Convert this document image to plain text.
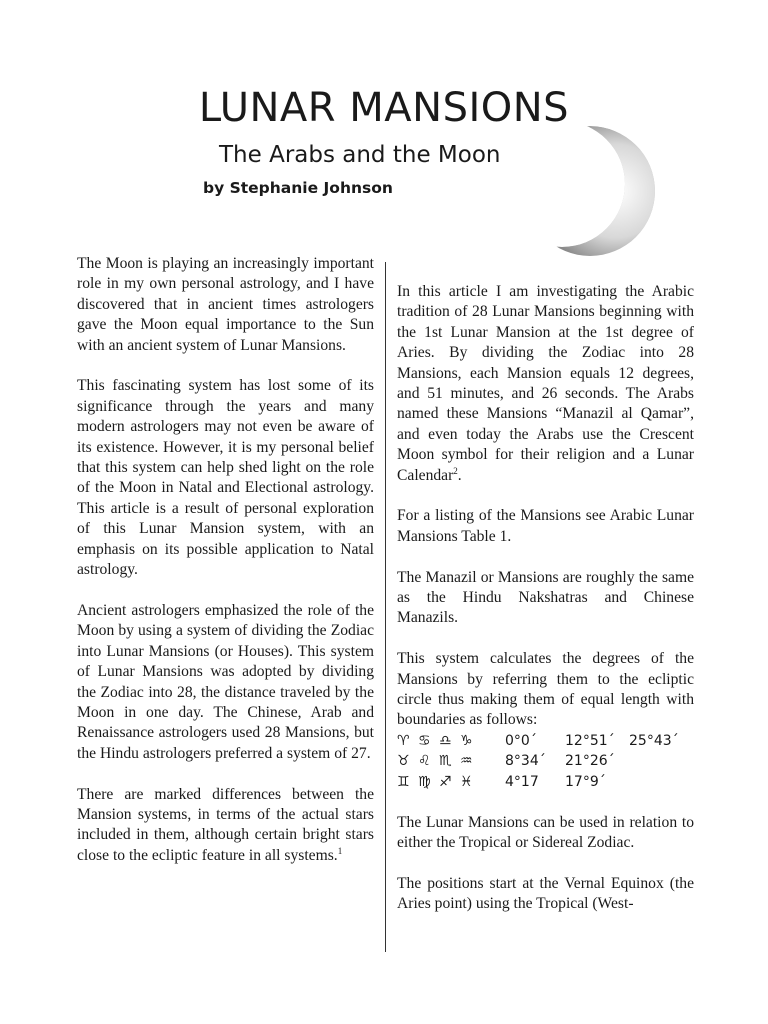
LUNAR MANSIONS
The Arabs and the Moon
by Stephanie Johnson

The Moon is playing an increasingly important role in my own personal astrology, and I have discovered that in ancient times astrologers gave the Moon equal importance to the Sun with an ancient system of Lunar Mansions.

This fascinating system has lost some of its significance through the years and many modern astrologers may not even be aware of its existence. However, it is my personal belief that this system can help shed light on the role of the Moon in Natal and Electional astrology. This article is a result of personal exploration of this Lunar Mansion system, with an emphasis on its possible application to Natal astrology.

Ancient astrologers emphasized the role of the Moon by using a system of dividing the Zodiac into Lunar Mansions (or Houses). This system of Lunar Mansions was adopted by dividing the Zodiac into 28, the distance traveled by the Moon in one day. The Chinese, Arab and Renaissance astrologers used 28 Mansions, but the Hindu astrologers preferred a system of 27.

There are marked differences between the Mansion systems, in terms of the actual stars included in them, although certain bright stars close to the ecliptic feature in all systems.$^1$

In this article I am investigating the Arabic tradition of 28 Lunar Mansions beginning with the 1st Lunar Mansion at the 1st degree of Aries. By dividing the Zodiac into 28 Mansions, each Mansion equals 12 degrees, and 51 minutes, and 26 seconds. The Arabs named these Mansions “Manazil al Qamar”, and even today the Arabs use the Crescent Moon symbol for their religion and a Lunar Calendar$^2$.

For a listing of the Mansions see Arabic Lunar Mansions Table 1.

The Manazil or Mansions are roughly the same as the Hindu Nakshatras and Chinese Manazils.

This system calculates the degrees of the Mansions by referring them to the ecliptic circle thus making them of equal length with boundaries as follows:

♈ ♋ ♎ ♑ 0°0´ 12°51´ 25°43´
♉ ♌ ♏ ♒ 8°34´ 21°26´
♊ ♍ ♐ ♓ 4°17 17°9´

The Lunar Mansions can be used in relation to either the Tropical or Sidereal Zodiac.

The positions start at the Vernal Equinox (the Aries point) using the Tropical (West-
